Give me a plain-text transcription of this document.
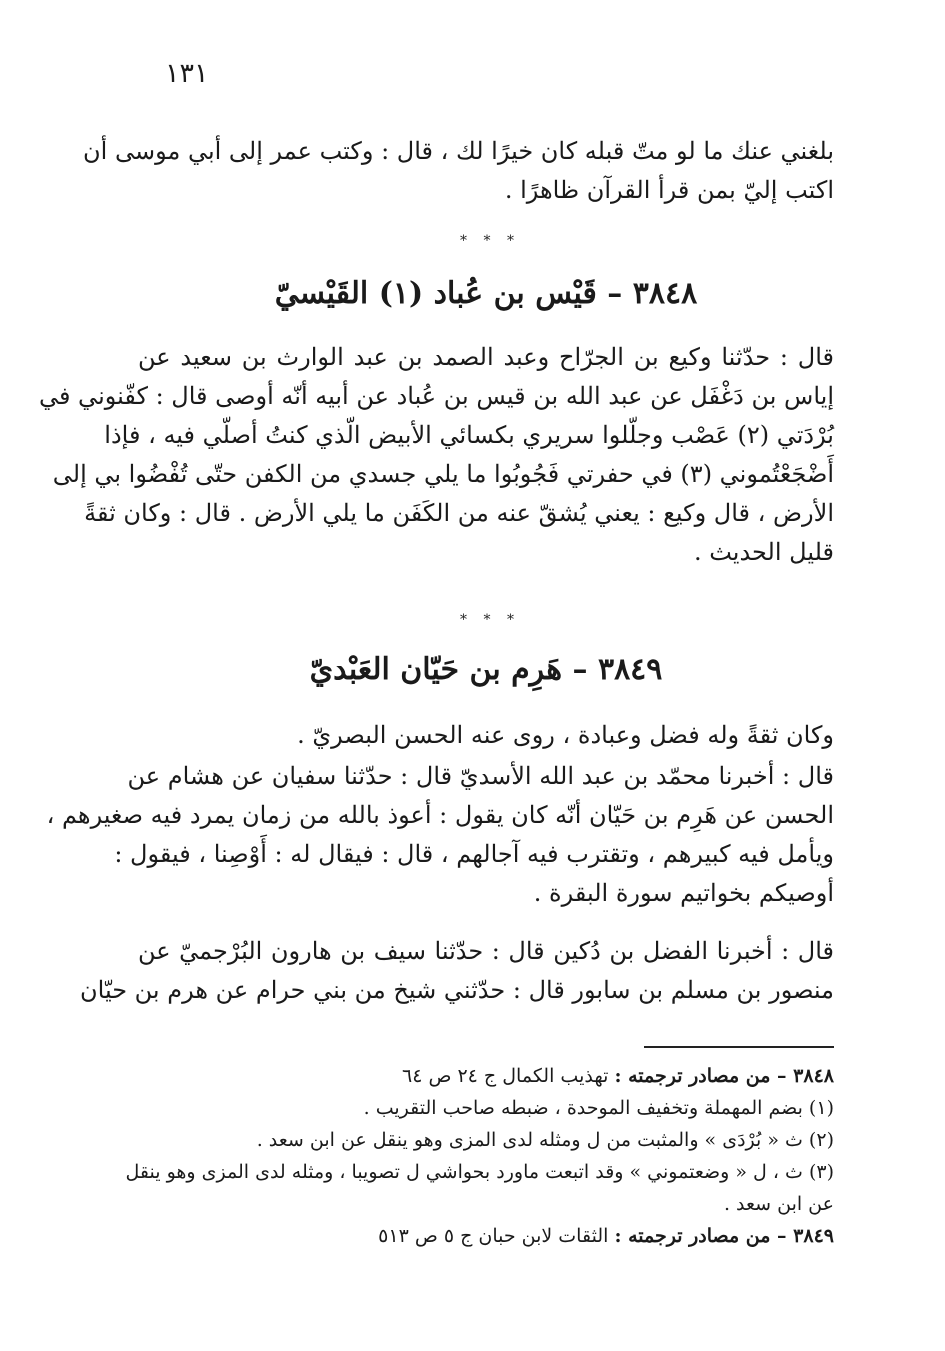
١٣١
بلغني عنك ما لو متّ قبله كان خيرًا لك ، قال : وكتب عمر إلى أبي موسى أن
اكتب إليّ بمن قرأ القرآن ظاهرًا .
* * *
٣٨٤٨ – قَيْس بن عُباد (١) القَيْسيّ
قال : حدّثنا وكيع بن الجرّاح وعبد الصمد بن عبد الوارث بن سعيد عن
إياس بن دَغْفَل عن عبد الله بن قيس بن عُباد عن أبيه أنّه أوصى قال : كفّنوني في
بُرْدَتي (٢) عَصْب وجلّلوا سريري بكسائي الأبيض الّذي كنتُ أصلّي فيه ، فإذا
أَضْجَعْتُموني (٣) في حفرتي فَجُوبُوا ما يلي جسدي من الكفن حتّى تُفْضُوا بي إلى
الأرض ، قال وكيع : يعني يُشقّ عنه من الكَفَن ما يلي الأرض . قال : وكان ثقةً
قليل الحديث .
* * *
٣٨٤٩ – هَرِم بن حَيّان العَبْديّ
وكان ثقةً وله فضل وعبادة ، روى عنه الحسن البصريّ .
قال : أخبرنا محمّد بن عبد الله الأسديّ قال : حدّثنا سفيان عن هشام عن
الحسن عن هَرِم بن حَيّان أنّه كان يقول : أعوذ بالله من زمان يمرد فيه صغيرهم ،
ويأمل فيه كبيرهم ، وتقترب فيه آجالهم ، قال : فيقال له : أَوْصِنا ، فيقول :
أوصيكم بخواتيم سورة البقرة .
قال : أخبرنا الفضل بن دُكين قال : حدّثنا سيف بن هارون البُرْجميّ عن
منصور بن مسلم بن سابور قال : حدّثني شيخ من بني حرام عن هرم بن حيّان
٣٨٤٨ – من مصادر ترجمته : تهذيب الكمال ج ٢٤ ص ٦٤
(١) بضم المهملة وتخفيف الموحدة ، ضبطه صاحب التقريب .
(٢) ث « بُرْدَى » والمثبت من ل ومثله لدى المزى وهو ينقل عن ابن سعد .
(٣) ث ، ل « وضعتموني » وقد اتبعت ماورد بحواشي ل تصويبا ، ومثله لدى المزى وهو ينقل
عن ابن سعد .
٣٨٤٩ – من مصادر ترجمته : الثقات لابن حبان ج ٥ ص ٥١٣
